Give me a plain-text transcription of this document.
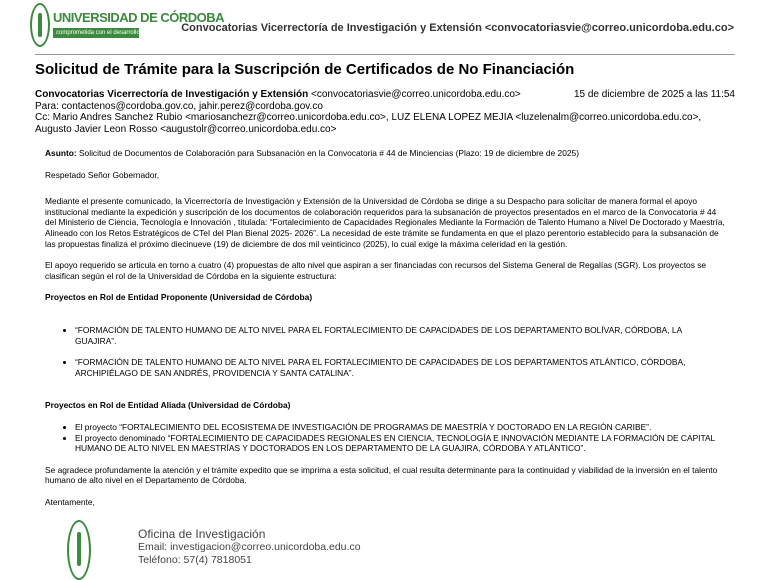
UNIVERSIDAD DE CÓRDOBA
comprometida con el desarrollo regional Convocatorias Vicerrectoría de Investigación y Extensión <convocatoriasvie@correo.unicordoba.edu.co>
Solicitud de Trámite para la Suscripción de Certificados de No Financiación
Convocatorias Vicerrectoría de Investigación y Extensión <convocatoriasvie@correo.unicordoba.edu.co>	15 de diciembre de 2025 a las 11:54
Para: contactenos@cordoba.gov.co, jahir.perez@cordoba.gov.co
Cc: Mario Andres Sanchez Rubio <mariosanchezr@correo.unicordoba.edu.co>, LUZ ELENA LOPEZ MEJIA <luzelenalm@correo.unicordoba.edu.co>, Augusto Javier Leon Rosso <augustolr@correo.unicordoba.edu.co>

Asunto: Solicitud de Documentos de Colaboración para Subsanación en la Convocatoria # 44 de Minciencias (Plazo: 19 de diciembre de 2025)

Respetado Señor Gobernador,

Mediante el presente comunicado, la Vicerrectoría de Investigación y Extensión de la Universidad de Córdoba se dirige a su Despacho para solicitar de manera formal el apoyo institucional mediante la expedición y suscripción de los documentos de colaboración requeridos para la subsanación de proyectos presentados en el marco de la Convocatoria # 44 del Ministerio de Ciencia, Tecnología e Innovación , titulada: “Fortalecimiento de Capacidades Regionales Mediante la Formación de Talento Humano a Nivel De Doctorado y Maestría, Alineado con los Retos Estratégicos de CTeI del Plan Bienal 2025- 2026”. La necesidad de este trámite se fundamenta en que el plazo perentorio establecido para la subsanación de las propuestas finaliza el próximo diecinueve (19) de diciembre de dos mil veinticinco (2025), lo cual exige la máxima celeridad en la gestión.

El apoyo requerido se articula en torno a cuatro (4) propuestas de alto nivel que aspiran a ser financiadas con recursos del Sistema General de Regalías (SGR). Los proyectos se clasifican según el rol de la Universidad de Córdoba en la siguiente estructura:

Proyectos en Rol de Entidad Proponente (Universidad de Córdoba)

• “FORMACIÓN DE TALENTO HUMANO DE ALTO NIVEL PARA EL FORTALECIMIENTO DE CAPACIDADES DE LOS DEPARTAMENTO BOLÍVAR, CÓRDOBA, LA GUAJIRA”.
• “FORMACIÓN DE TALENTO HUMANO DE ALTO NIVEL PARA EL FORTALECIMIENTO DE CAPACIDADES DE LOS DEPARTAMENTOS ATLÁNTICO, CÓRDOBA, ARCHIPIÉLAGO DE SAN ANDRÉS, PROVIDENCIA Y SANTA CATALINA”.

Proyectos en Rol de Entidad Aliada (Universidad de Córdoba)

• El proyecto “FORTALECIMIENTO DEL ECOSISTEMA DE INVESTIGACIÓN DE PROGRAMAS DE MAESTRÍA Y DOCTORADO EN LA REGIÓN CARIBE”.
• El proyecto denominado “FORTALECIMIENTO DE CAPACIDADES REGIONALES EN CIENCIA, TECNOLOGÍA E INNOVACIÓN MEDIANTE LA FORMACIÓN DE CAPITAL HUMANO DE ALTO NIVEL EN MAESTRÍAS Y DOCTORADOS EN LOS DEPARTAMENTO DE LA GUAJIRA, CÓRDOBA Y ATLÁNTICO”.

Se agradece profundamente la atención y el trámite expedito que se imprima a esta solicitud, el cual resulta determinante para la continuidad y viabilidad de la inversión en el talento humano de alto nivel en el Departamento de Córdoba.

Atentamente,

Oficina de Investigación
Email: investigacion@correo.unicordoba.edu.co
Teléfono: 57(4) 7818051
